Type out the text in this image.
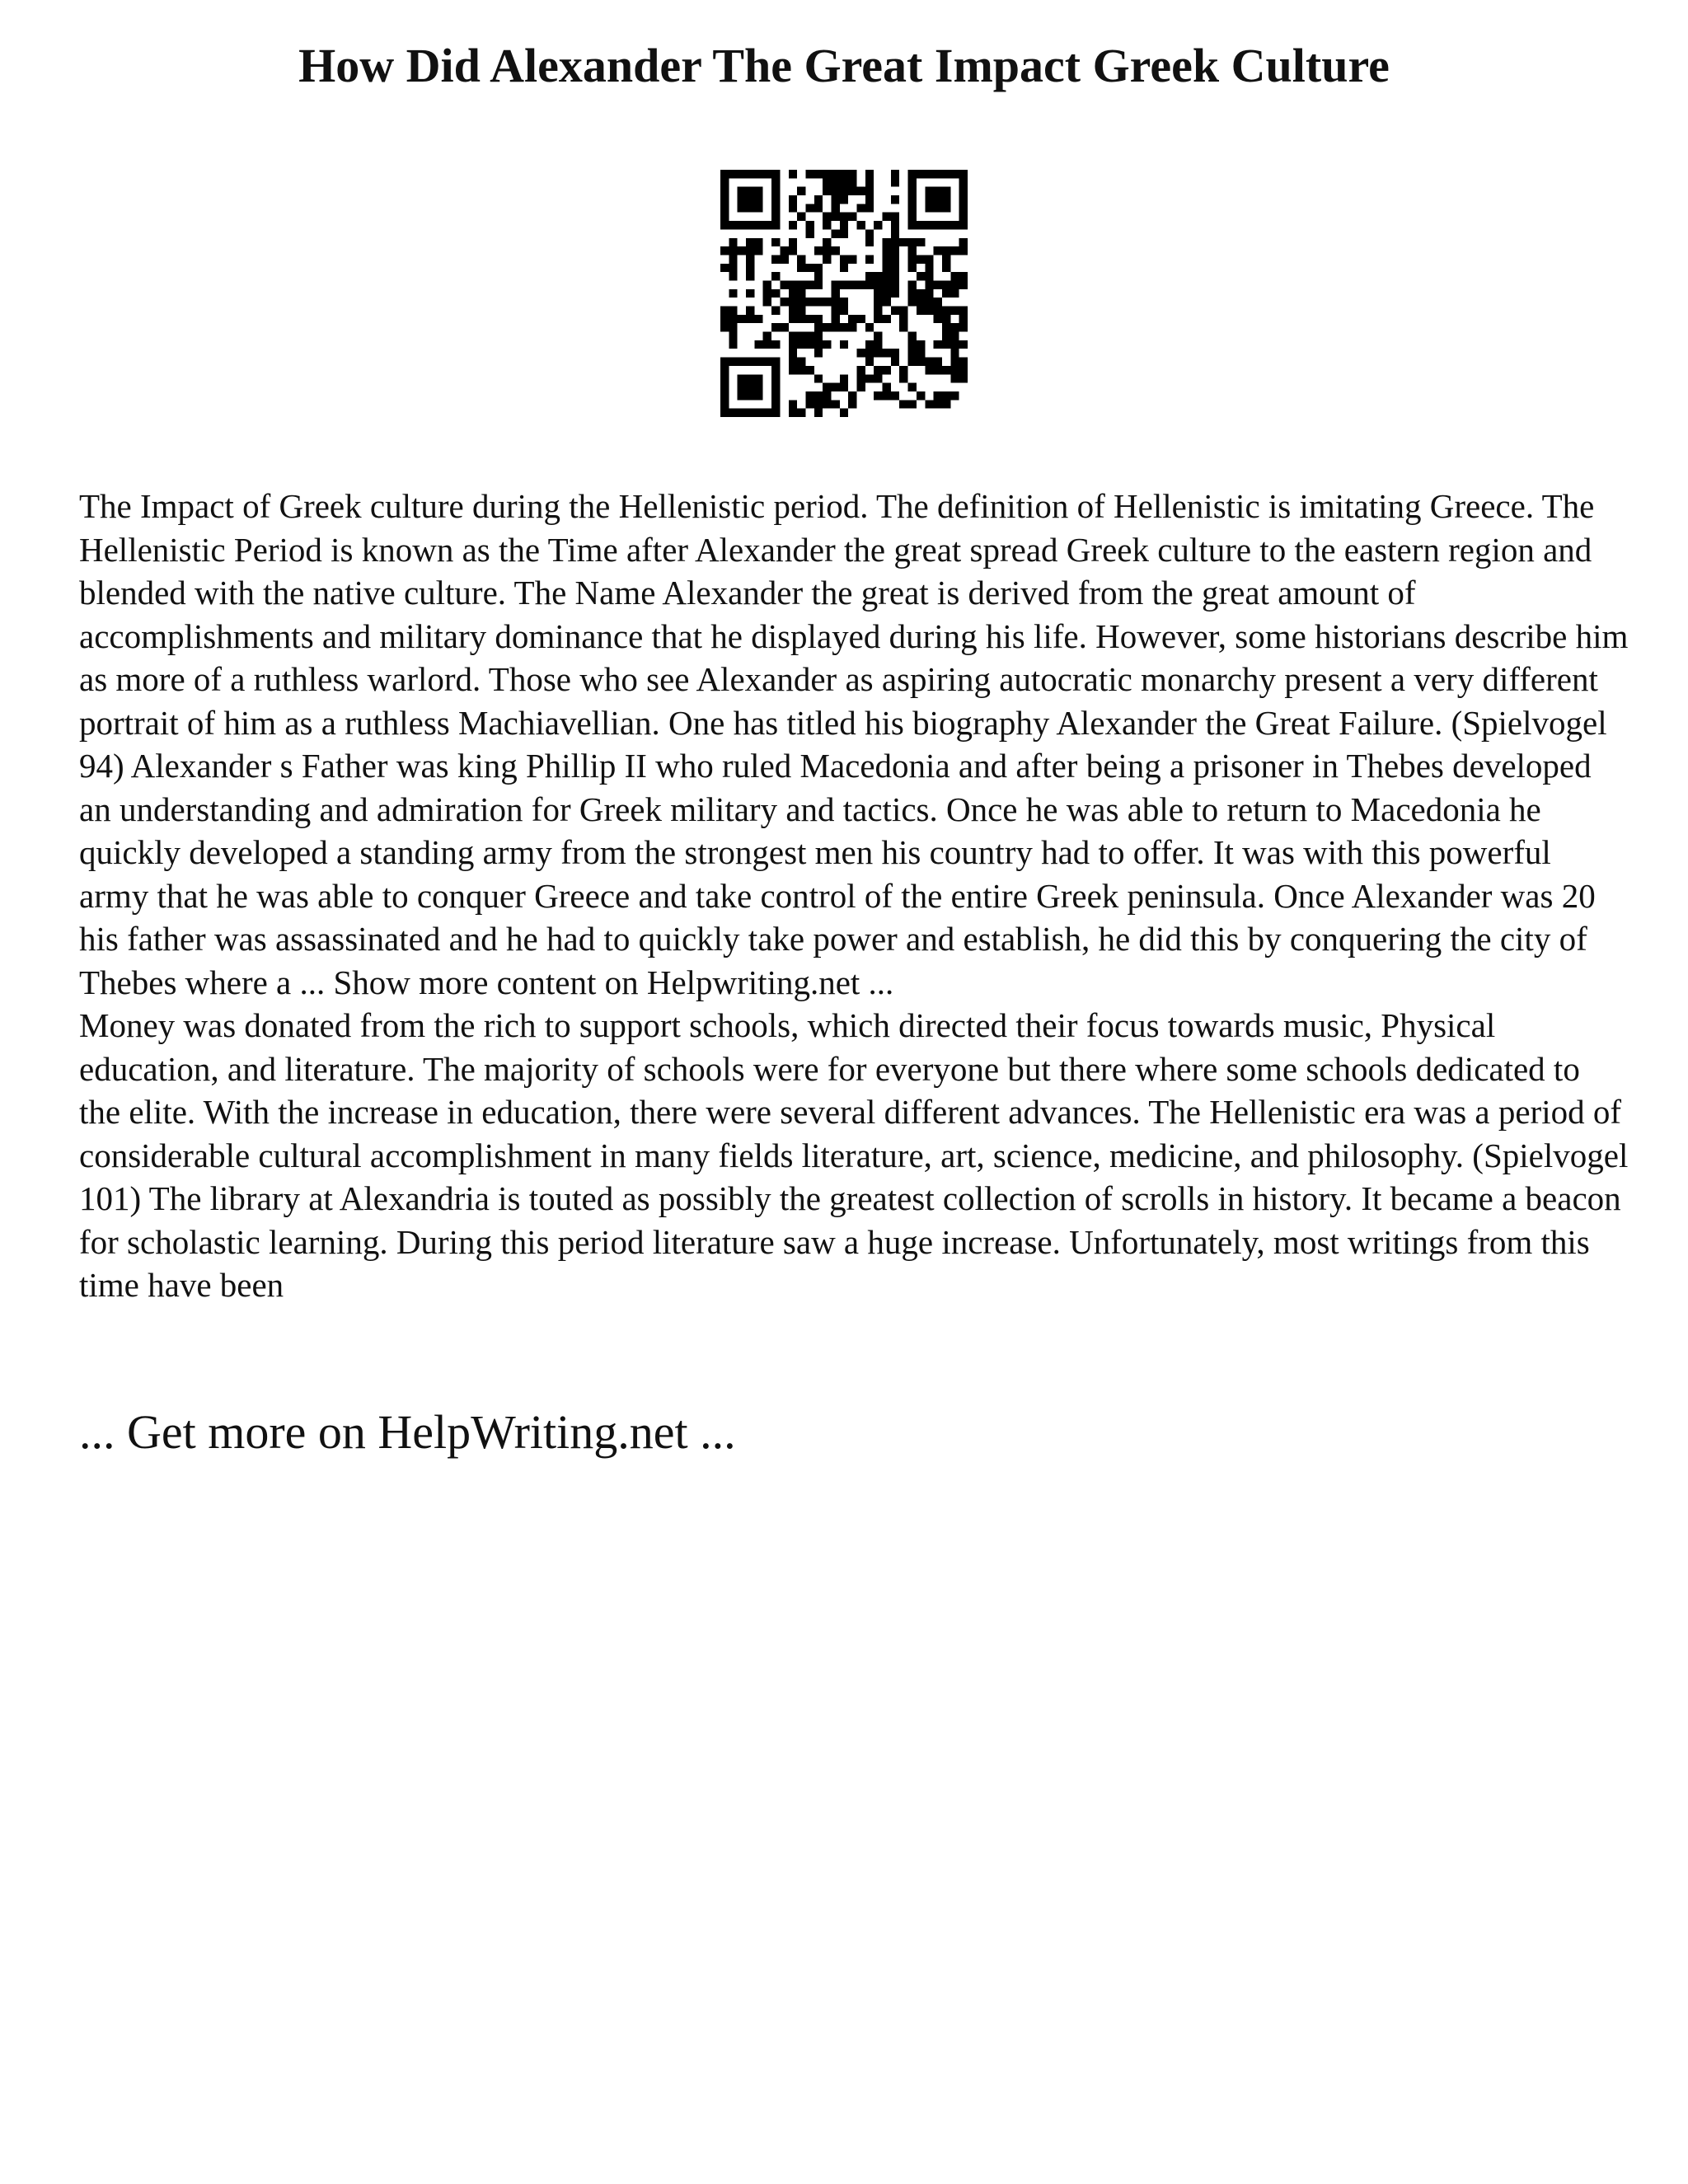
How Did Alexander The Great Impact Greek Culture

The Impact of Greek culture during the Hellenistic period. The definition of Hellenistic is imitating Greece. The Hellenistic Period is known as the Time after Alexander the great spread Greek culture to the eastern region and blended with the native culture. The Name Alexander the great is derived from the great amount of accomplishments and military dominance that he displayed during his life. However, some historians describe him as more of a ruthless warlord. Those who see Alexander as aspiring autocratic monarchy present a very different portrait of him as a ruthless Machiavellian. One has titled his biography Alexander the Great Failure. (Spielvogel 94) Alexander s Father was king Phillip II who ruled Macedonia and after being a prisoner in Thebes developed an understanding and admiration for Greek military and tactics. Once he was able to return to Macedonia he quickly developed a standing army from the strongest men his country had to offer. It was with this powerful army that he was able to conquer Greece and take control of the entire Greek peninsula. Once Alexander was 20 his father was assassinated and he had to quickly take power and establish, he did this by conquering the city of Thebes where a ... Show more content on Helpwriting.net ...

Money was donated from the rich to support schools, which directed their focus towards music, Physical education, and literature. The majority of schools were for everyone but there where some schools dedicated to the elite. With the increase in education, there were several different advances. The Hellenistic era was a period of considerable cultural accomplishment in many fields literature, art, science, medicine, and philosophy. (Spielvogel 101) The library at Alexandria is touted as possibly the greatest collection of scrolls in history. It became a beacon for scholastic learning. During this period literature saw a huge increase. Unfortunately, most writings from this time have been

... Get more on HelpWriting.net ...
